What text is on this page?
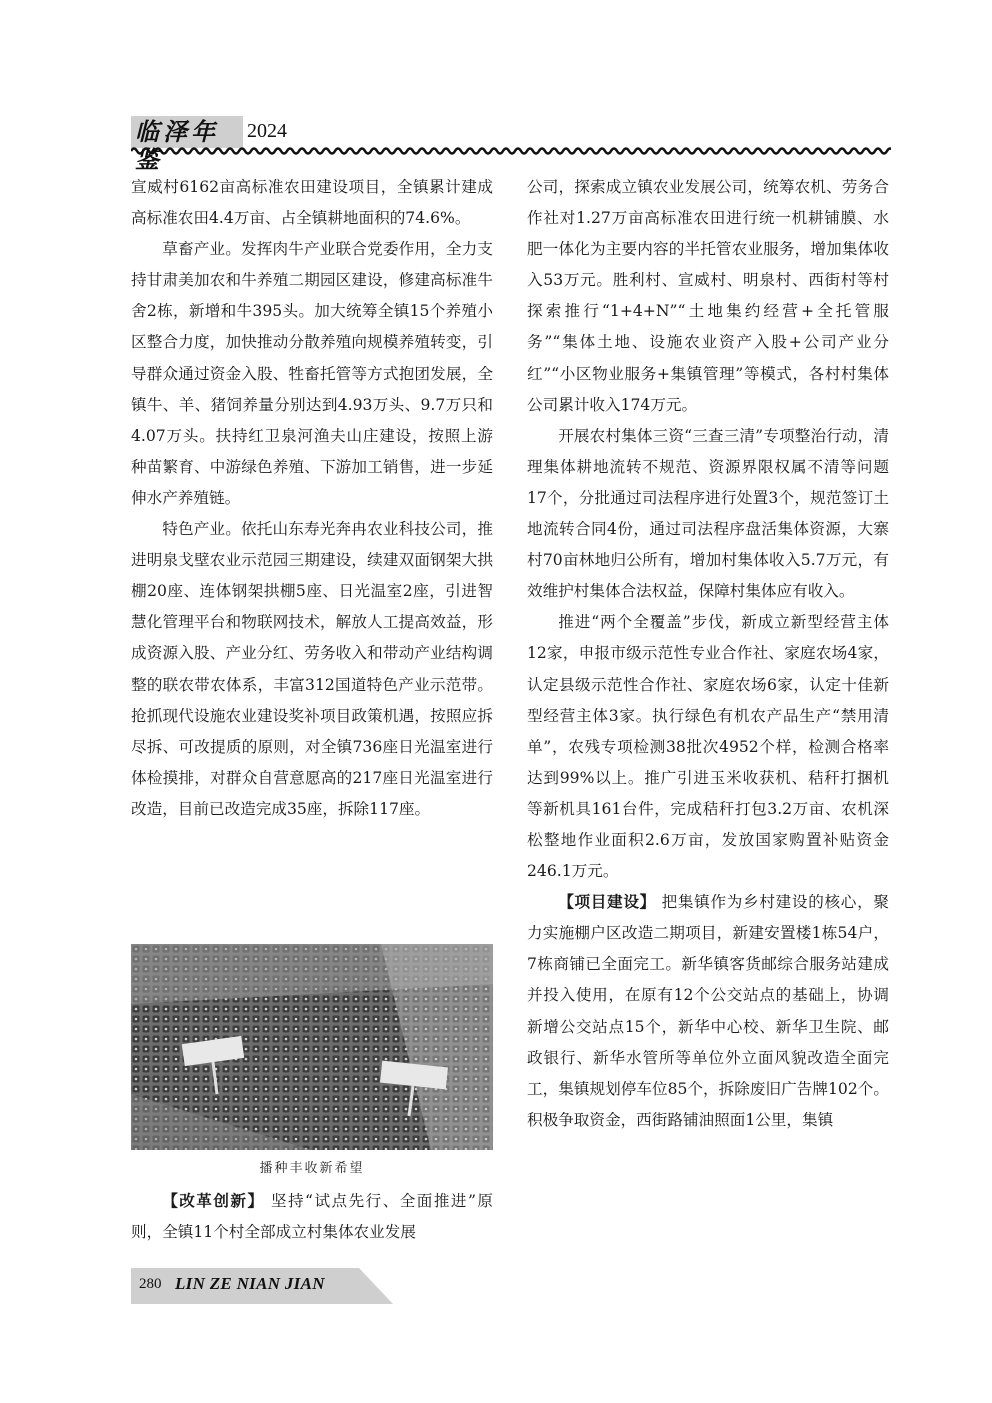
临泽年鉴
2024

宣威村6162亩高标准农田建设项目，全镇累计建成高标准农田4.4万亩、占全镇耕地面积的74.6%。

草畜产业。发挥肉牛产业联合党委作用，全力支持甘肃美加农和牛养殖二期园区建设，修建高标准牛舍2栋，新增和牛395头。加大统筹全镇15个养殖小区整合力度，加快推动分散养殖向规模养殖转变，引导群众通过资金入股、牲畜托管等方式抱团发展，全镇牛、羊、猪饲养量分别达到4.93万头、9.7万只和4.07万头。扶持红卫泉河渔夫山庄建设，按照上游种苗繁育、中游绿色养殖、下游加工销售，进一步延伸水产养殖链。

特色产业。依托山东寿光奔冉农业科技公司，推进明泉戈壁农业示范园三期建设，续建双面钢架大拱棚20座、连体钢架拱棚5座、日光温室2座，引进智慧化管理平台和物联网技术，解放人工提高效益，形成资源入股、产业分红、劳务收入和带动产业结构调整的联农带农体系，丰富312国道特色产业示范带。抢抓现代设施农业建设奖补项目政策机遇，按照应拆尽拆、可改提质的原则，对全镇736座日光温室进行体检摸排，对群众自营意愿高的217座日光温室进行改造，目前已改造完成35座，拆除117座。

播种丰收新希望

【改革创新】 坚持“试点先行、全面推进”原则，全镇11个村全部成立村集体农业发展

公司，探索成立镇农业发展公司，统筹农机、劳务合作社对1.27万亩高标准农田进行统一机耕铺膜、水肥一体化为主要内容的半托管农业服务，增加集体收入53万元。胜利村、宣威村、明泉村、西街村等村探索推行“1+4+N”“土地集约经营+全托管服务”“集体土地、设施农业资产入股+公司产业分红”“小区物业服务+集镇管理”等模式，各村村集体公司累计收入174万元。

开展农村集体三资“三查三清”专项整治行动，清理集体耕地流转不规范、资源界限权属不清等问题17个，分批通过司法程序进行处置3个，规范签订土地流转合同4份，通过司法程序盘活集体资源，大寨村70亩林地归公所有，增加村集体收入5.7万元，有效维护村集体合法权益，保障村集体应有收入。

推进“两个全覆盖”步伐，新成立新型经营主体12家，申报市级示范性专业合作社、家庭农场4家，认定县级示范性合作社、家庭农场6家，认定十佳新型经营主体3家。执行绿色有机农产品生产“禁用清单”，农残专项检测38批次4952个样，检测合格率达到99%以上。推广引进玉米收获机、秸秆打捆机等新机具161台件，完成秸秆打包3.2万亩、农机深松整地作业面积2.6万亩，发放国家购置补贴资金246.1万元。

【项目建设】 把集镇作为乡村建设的核心，聚力实施棚户区改造二期项目，新建安置楼1栋54户，7栋商铺已全面完工。新华镇客货邮综合服务站建成并投入使用，在原有12个公交站点的基础上，协调新增公交站点15个，新华中心校、新华卫生院、邮政银行、新华水管所等单位外立面风貌改造全面完工，集镇规划停车位85个，拆除废旧广告牌102个。积极争取资金，西街路铺油照面1公里，集镇

280 LIN ZE NIAN JIAN
